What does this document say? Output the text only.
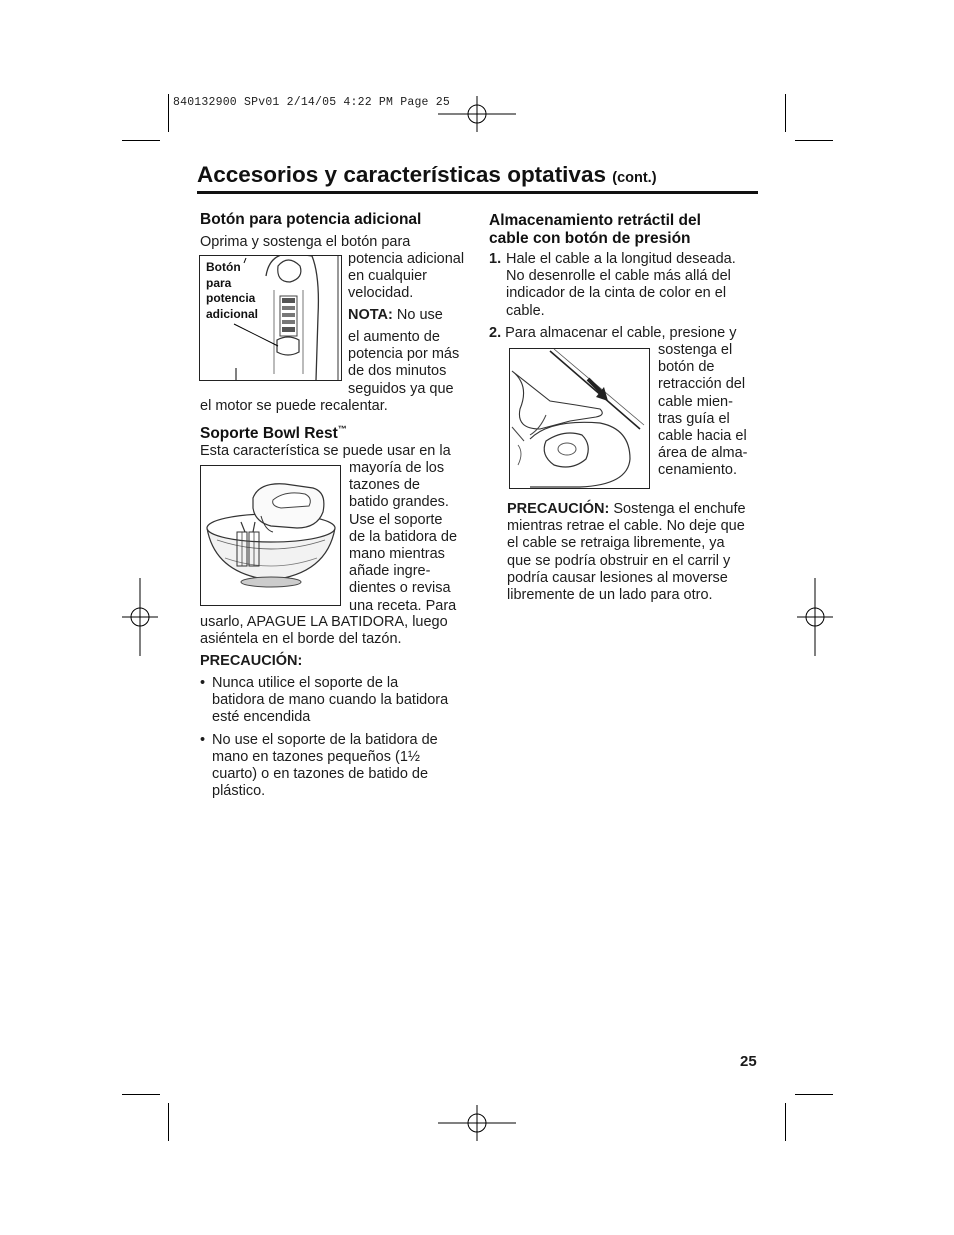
840132900 SPv01 2/14/05 4:22 PM Page 25
Accesorios y características optativas (cont.)
Botón para potencia adicional
Oprima y sostenga el botón para
Botón
para
potencia
adicional
potencia adicional
en cualquier
velocidad.
NOTA: No use
el aumento de
potencia por más
de dos minutos
seguidos ya que
el motor se puede recalentar.
Soporte Bowl Rest™
Esta característica se puede usar en la
mayoría de los
tazones de
batido grandes.
Use el soporte
de la batidora de
mano mientras
añade ingre-
dientes o revisa
una receta. Para
usarlo, APAGUE LA BATIDORA, luego
asiéntela en el borde del tazón.
PRECAUCIÓN:
• Nunca utilice el soporte de la
batidora de mano cuando la batidora
esté encendida
• No use el soporte de la batidora de
mano en tazones pequeños (1½
cuarto) o en tazones de batido de
plástico.
Almacenamiento retráctil del
cable con botón de presión
1. Hale el cable a la longitud deseada.
No desenrolle el cable más allá del
indicador de la cinta de color en el
cable.
2. Para almacenar el cable, presione y
sostenga el
botón de
retracción del
cable mien-
tras guía el
cable hacia el
área de alma-
cenamiento.
PRECAUCIÓN: Sostenga el enchufe
mientras retrae el cable. No deje que
el cable se retraiga libremente, ya
que se podría obstruir en el carril y
podría causar lesiones al moverse
libremente de un lado para otro.
25
